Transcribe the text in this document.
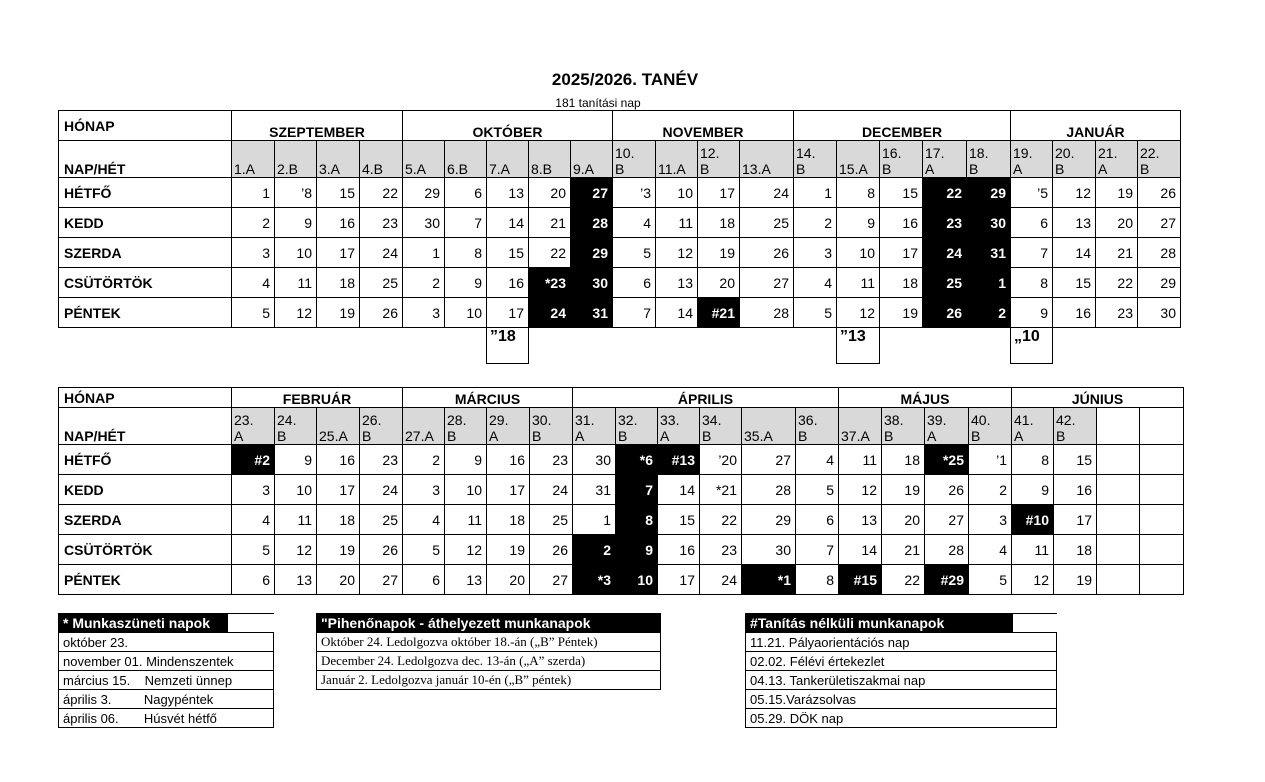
2025/2026. TANÉV
181 tanítási nap
HÓNAP	SZEPTEMBER				OKTÓBER					NOVEMBER				DECEMBER					JANUÁR			
NAP/HÉT	1.A	2.B	3.A	4.B	5.A	6.B	7.A	8.B	9.A	10. B	11.A	12. B	13.A	14. B	15.A	16. B	17. A	18. B	19. A	20. B	21. A	22. B
HÉTFŐ	1	’8	15	22	29	6	13	20	27	’3	10	17	24	1	8	15	22	29	’5	12	19	26
KEDD	2	9	16	23	30	7	14	21	28	4	11	18	25	2	9	16	23	30	6	13	20	27
SZERDA	3	10	17	24	1	8	15	22	29	5	12	19	26	3	10	17	24	31	7	14	21	28
CSÜTÖRTÖK	4	11	18	25	2	9	16	*23	30	6	13	20	27	4	11	18	25	1	8	15	22	29
PÉNTEK	5	12	19	26	3	10	17	24	31	7	14	#21	28	5	12	19	26	2	9	16	23	30
							”18								”13				„10			
HÓNAP	FEBRUÁR				MÁRCIUS				ÁPRILIS						MÁJUS				JÚNIUS			
NAP/HÉT	23. A	24. B	25.A	26. B	27.A	28. B	29. A	30. B	31. A	32. B	33. A	34. B	35.A	36. B	37.A	38. B	39. A	40. B	41. A	42. B		
HÉTFŐ	#2	9	16	23	2	9	16	23	30	*6	#13	’20	27	4	11	18	*25	’1	8	15		
KEDD	3	10	17	24	3	10	17	24	31	7	14	*21	28	5	12	19	26	2	9	16		
SZERDA	4	11	18	25	4	11	18	25	1	8	15	22	29	6	13	20	27	3	#10	17		
CSÜTÖRTÖK	5	12	19	26	5	12	19	26	2	9	16	23	30	7	14	21	28	4	11	18		
PÉNTEK	6	13	20	27	6	13	20	27	*3	10	17	24	*1	8	#15	22	#29	5	12	19		
* Munkaszüneti napok	
október 23.
november 01. Mindenszentek
március 15.    Nemzeti ünnep
április 3.         Nagypéntek
április 06.       Húsvét hétfő
"Pihenőnapok - áthelyezett munkanapok
Október 24. Ledolgozva október 18.-án („B” Péntek)
December 24. Ledolgozva dec. 13-án („A” szerda)
Január 2. Ledolgozva január 10-én („B” péntek)
#Tanítás nélküli munkanapok	
11.21. Pályaorientációs nap
02.02. Félévi értekezlet
04.13. Tankerületiszakmai nap
05.15.Varázsolvas
05.29. DÖK nap
